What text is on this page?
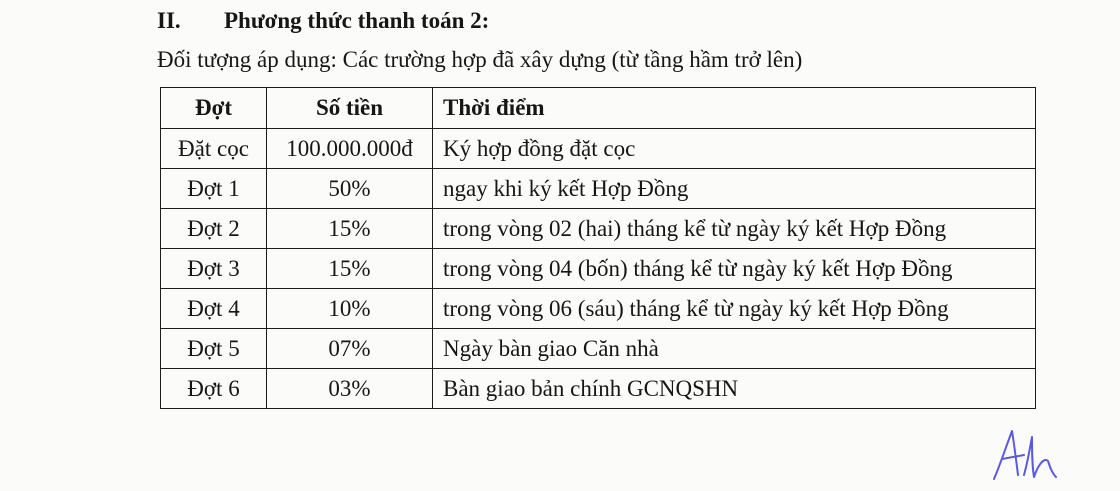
II. Phương thức thanh toán 2:
Đối tượng áp dụng: Các trường hợp đã xây dựng (từ tầng hầm trở lên)
Đợt	Số tiền	Thời điểm
Đặt cọc	100.000.000đ	Ký hợp đồng đặt cọc
Đợt 1	50%	ngay khi ký kết Hợp Đồng
Đợt 2	15%	trong vòng 02 (hai) tháng kể từ ngày ký kết Hợp Đồng
Đợt 3	15%	trong vòng 04 (bốn) tháng kể từ ngày ký kết Hợp Đồng
Đợt 4	10%	trong vòng 06 (sáu) tháng kể từ ngày ký kết Hợp Đồng
Đợt 5	07%	Ngày bàn giao Căn nhà
Đợt 6	03%	Bàn giao bản chính GCNQSHN
